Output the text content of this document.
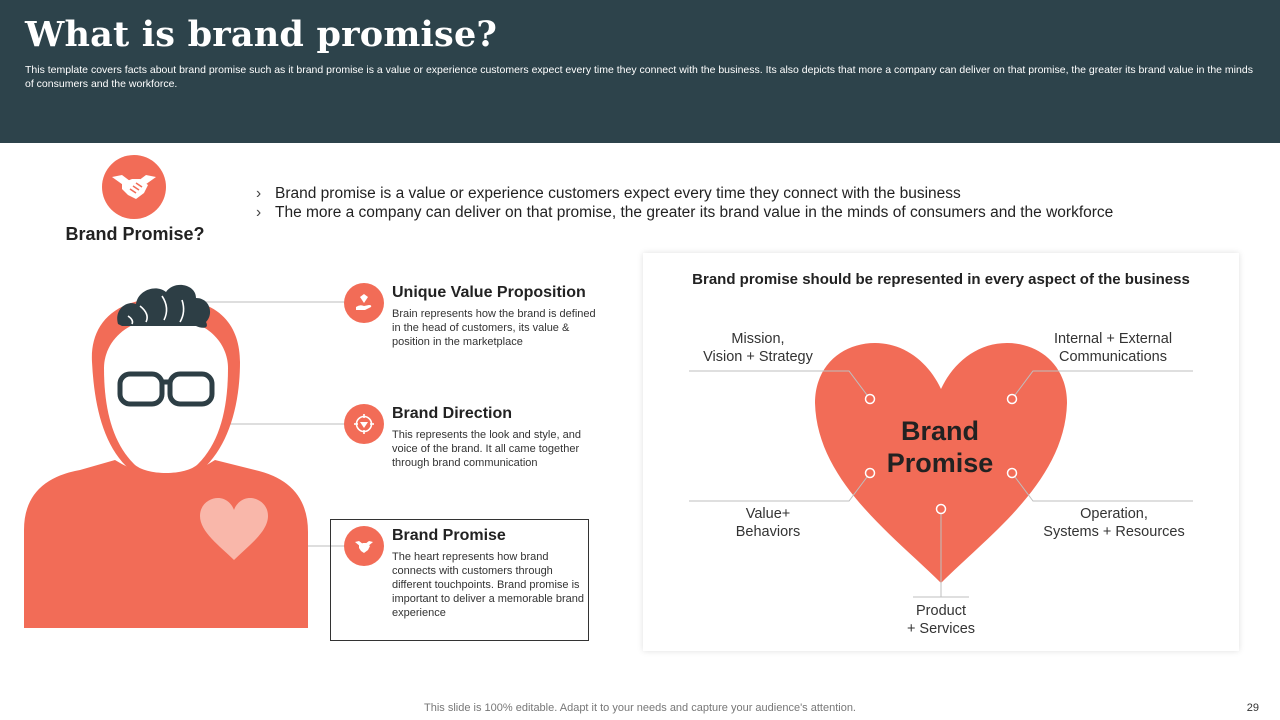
What is brand promise?
This template covers facts about brand promise such as it brand promise is a value or experience customers expect every time they connect with the business. Its also depicts that more a company can deliver on that promise, the greater its brand value in the minds of consumers and the workforce.
Brand Promise?
› Brand promise is a value or experience customers expect every time they connect with the business
› The more a company can deliver on that promise, the greater its brand value in the minds of consumers and the workforce
Unique Value Proposition
Brain represents how the brand is defined in the head of customers, its value & position in the marketplace
Brand Direction
This represents the look and style, and voice of the brand. It all came together through brand communication
Brand Promise
The heart represents how brand connects with customers through different touchpoints. Brand promise is important to deliver a memorable brand experience
Brand promise should be represented in every aspect of the business
Brand
Promise
Mission,
Vision + Strategy
Internal + External
Communications
Value+
Behaviors
Operation,
Systems + Resources
Product
+ Services
This slide is 100% editable. Adapt it to your needs and capture your audience's attention.	29
